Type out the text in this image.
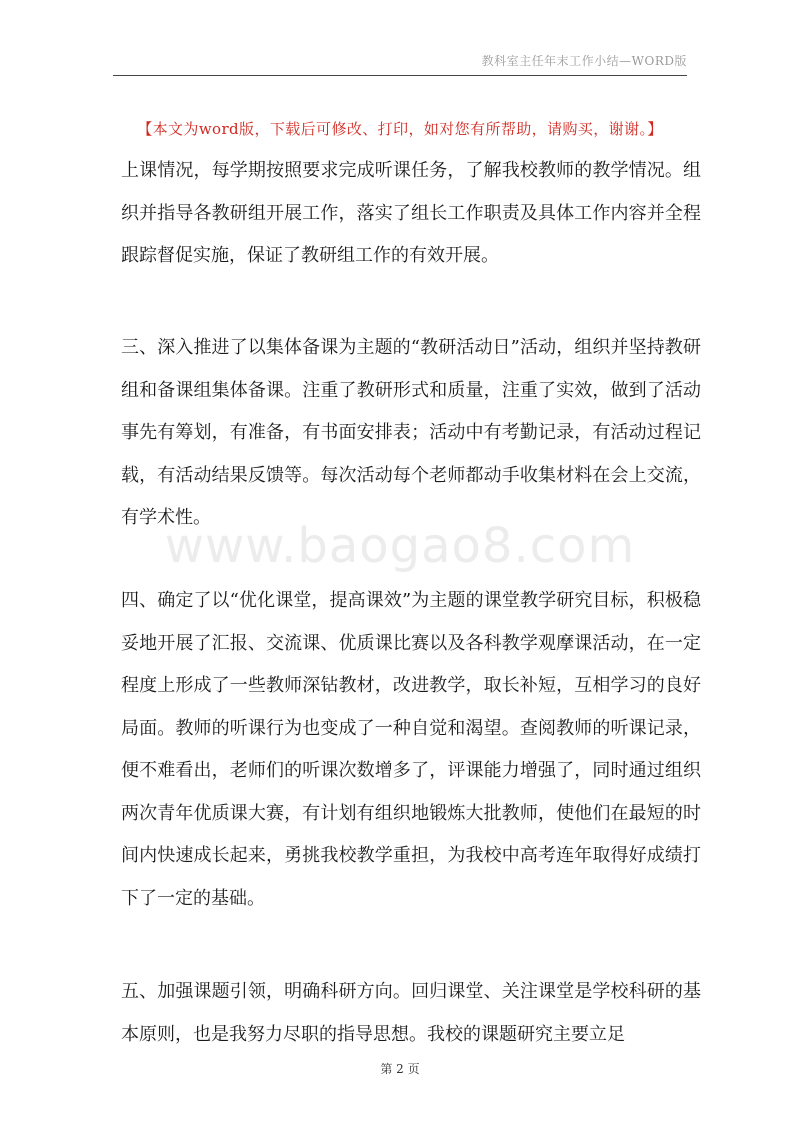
教科室主任年末工作小结—WORD版
【本文为word版，下载后可修改、打印，如对您有所帮助，请购买，谢谢。】

上课情况，每学期按照要求完成听课任务，了解我校教师的教学情况。组织并指导各教研组开展工作，落实了组长工作职责及具体工作内容并全程跟踪督促实施，保证了教研组工作的有效开展。

三、深入推进了以集体备课为主题的“教研活动日”活动，组织并坚持教研组和备课组集体备课。注重了教研形式和质量，注重了实效，做到了活动事先有筹划，有准备，有书面安排表；活动中有考勤记录，有活动过程记载，有活动结果反馈等。每次活动每个老师都动手收集材料在会上交流，有学术性。

www.baogao8.com

四、确定了以“优化课堂，提高课效”为主题的课堂教学研究目标，积极稳妥地开展了汇报、交流课、优质课比赛以及各科教学观摩课活动，在一定程度上形成了一些教师深钻教材，改进教学，取长补短，互相学习的良好局面。教师的听课行为也变成了一种自觉和渴望。查阅教师的听课记录，便不难看出，老师们的听课次数增多了，评课能力增强了，同时通过组织两次青年优质课大赛，有计划有组织地锻炼大批教师，使他们在最短的时间内快速成长起来，勇挑我校教学重担，为我校中高考连年取得好成绩打下了一定的基础。

五、加强课题引领，明确科研方向。回归课堂、关注课堂是学校科研的基本原则，也是我努力尽职的指导思想。我校的课题研究主要立足

第 2 页
